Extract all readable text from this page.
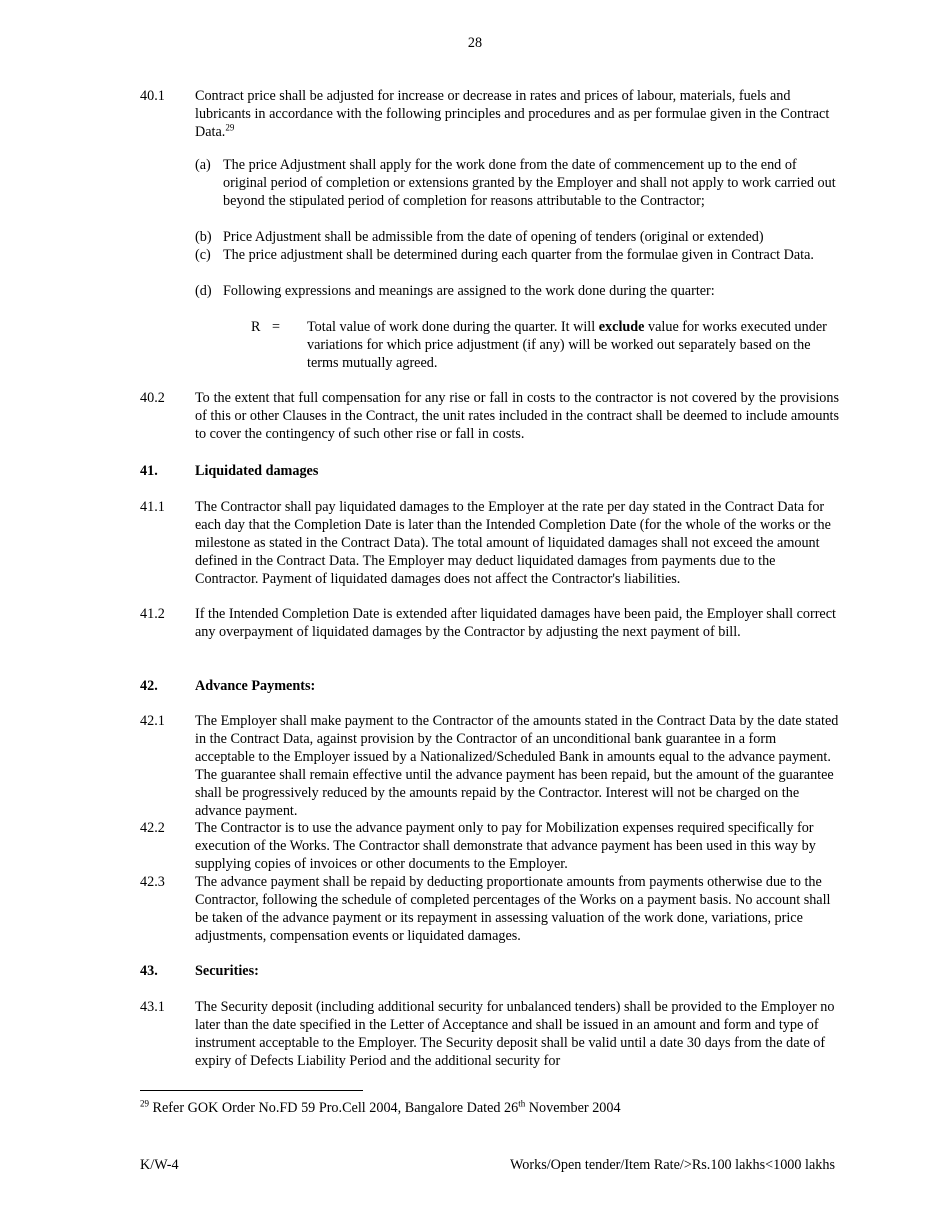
28
40.1 Contract price shall be adjusted for increase or decrease in rates and prices of labour, materials, fuels and lubricants in accordance with the following principles and procedures and as per formulae given in the Contract Data.$^{29}$
(a) The price Adjustment shall apply for the work done from the date of commencement up to the end of original period of completion or extensions granted by the Employer and shall not apply to work carried out beyond the stipulated period of completion for reasons attributable to the Contractor;
(b) Price Adjustment shall be admissible from the date of opening of tenders (original or extended)
(c) The price adjustment shall be determined during each quarter from the formulae given in Contract Data.
(d) Following expressions and meanings are assigned to the work done during the quarter:
R = Total value of work done during the quarter. It will exclude value for works executed under variations for which price adjustment (if any) will be worked out separately based on the terms mutually agreed.
40.2 To the extent that full compensation for any rise or fall in costs to the contractor is not covered by the provisions of this or other Clauses in the Contract, the unit rates included in the contract shall be deemed to include amounts to cover the contingency of such other rise or fall in costs.
41.	Liquidated damages
41.1 The Contractor shall pay liquidated damages to the Employer at the rate per day stated in the Contract Data for each day that the Completion Date is later than the Intended Completion Date (for the whole of the works or the milestone as stated in the Contract Data). The total amount of liquidated damages shall not exceed the amount defined in the Contract Data. The Employer may deduct liquidated damages from payments due to the Contractor. Payment of liquidated damages does not affect the Contractor's liabilities.
41.2 If the Intended Completion Date is extended after liquidated damages have been paid, the Employer shall correct any overpayment of liquidated damages by the Contractor by adjusting the next payment of bill.
42.	Advance Payments:
42.1 The Employer shall make payment to the Contractor of the amounts stated in the Contract Data by the date stated in the Contract Data, against provision by the Contractor of an unconditional bank guarantee in a form acceptable to the Employer issued by a Nationalized/Scheduled Bank in amounts equal to the advance payment. The guarantee shall remain effective until the advance payment has been repaid, but the amount of the guarantee shall be progressively reduced by the amounts repaid by the Contractor. Interest will not be charged on the advance payment.
42.2 The Contractor is to use the advance payment only to pay for Mobilization expenses required specifically for execution of the Works. The Contractor shall demonstrate that advance payment has been used in this way by supplying copies of invoices or other documents to the Employer.
42.3 The advance payment shall be repaid by deducting proportionate amounts from payments otherwise due to the Contractor, following the schedule of completed percentages of the Works on a payment basis. No account shall be taken of the advance payment or its repayment in assessing valuation of the work done, variations, price adjustments, compensation events or liquidated damages.
43.	Securities:
43.1 The Security deposit (including additional security for unbalanced tenders) shall be provided to the Employer no later than the date specified in the Letter of Acceptance and shall be issued in an amount and form and type of instrument acceptable to the Employer. The Security deposit shall be valid until a date 30 days from the date of expiry of Defects Liability Period and the additional security for
$^{29}$ Refer GOK Order No.FD 59 Pro.Cell 2004, Bangalore Dated 26th November 2004
K/W-4	Works/Open tender/Item Rate/>Rs.100 lakhs<1000 lakhs
